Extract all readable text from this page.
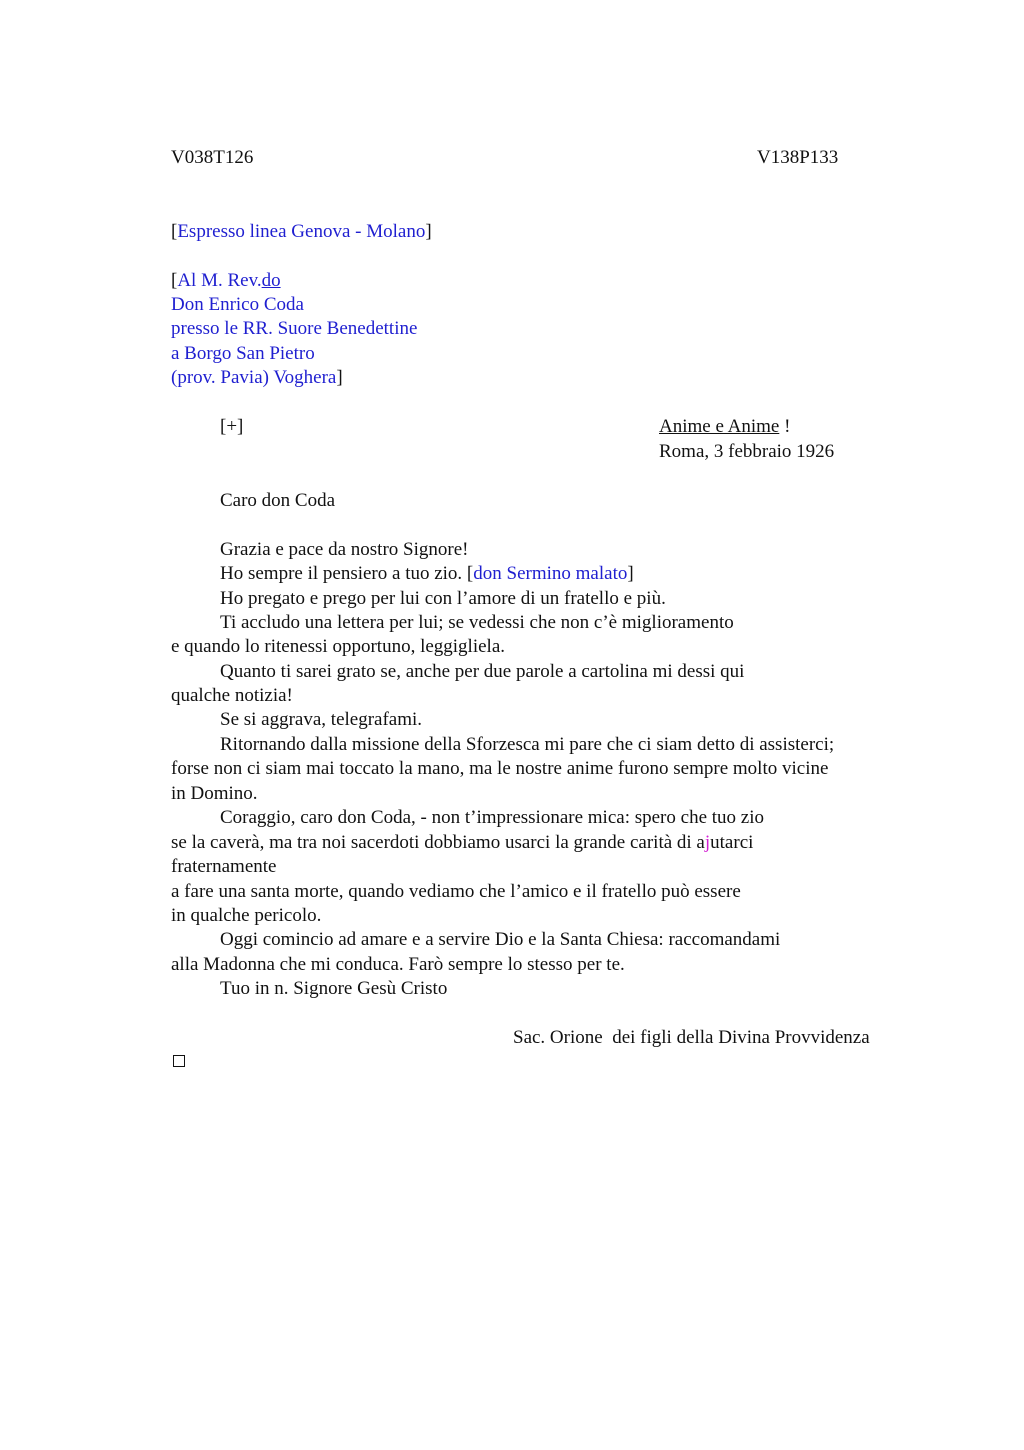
V038T126	V138P133
[Espresso linea Genova - Molano]
[Al M. Rev.do
Don Enrico Coda
presso le RR. Suore Benedettine
a Borgo San Pietro
(prov. Pavia) Voghera]
[+]	Anime e Anime !
Roma, 3 febbraio 1926
Caro don Coda
Grazia e pace da nostro Signore!
Ho sempre il pensiero a tuo zio. [don Sermino malato]
Ho pregato e prego per lui con l’amore di un fratello e più.
Ti accludo una lettera per lui; se vedessi che non c’è miglioramento
e quando lo ritenessi opportuno, leggigliela.
Quanto ti sarei grato se, anche per due parole a cartolina mi dessi qui
qualche notizia!
Se si aggrava, telegrafami.
Ritornando dalla missione della Sforzesca mi pare che ci siam detto di assisterci;
forse non ci siam mai toccato la mano, ma le nostre anime furono sempre molto vicine
in Domino.
Coraggio, caro don Coda, - non t’impressionare mica: spero che tuo zio
se la caverà, ma tra noi sacerdoti dobbiamo usarci la grande carità di ajutarci
fraternamente
a fare una santa morte, quando vediamo che l’amico e il fratello può essere
in qualche pericolo.
Oggi comincio ad amare e a servire Dio e la Santa Chiesa: raccomandami
alla Madonna che mi conduca. Farò sempre lo stesso per te.
Tuo in n. Signore Gesù Cristo
Sac. Orione  dei figli della Divina Provvidenza
